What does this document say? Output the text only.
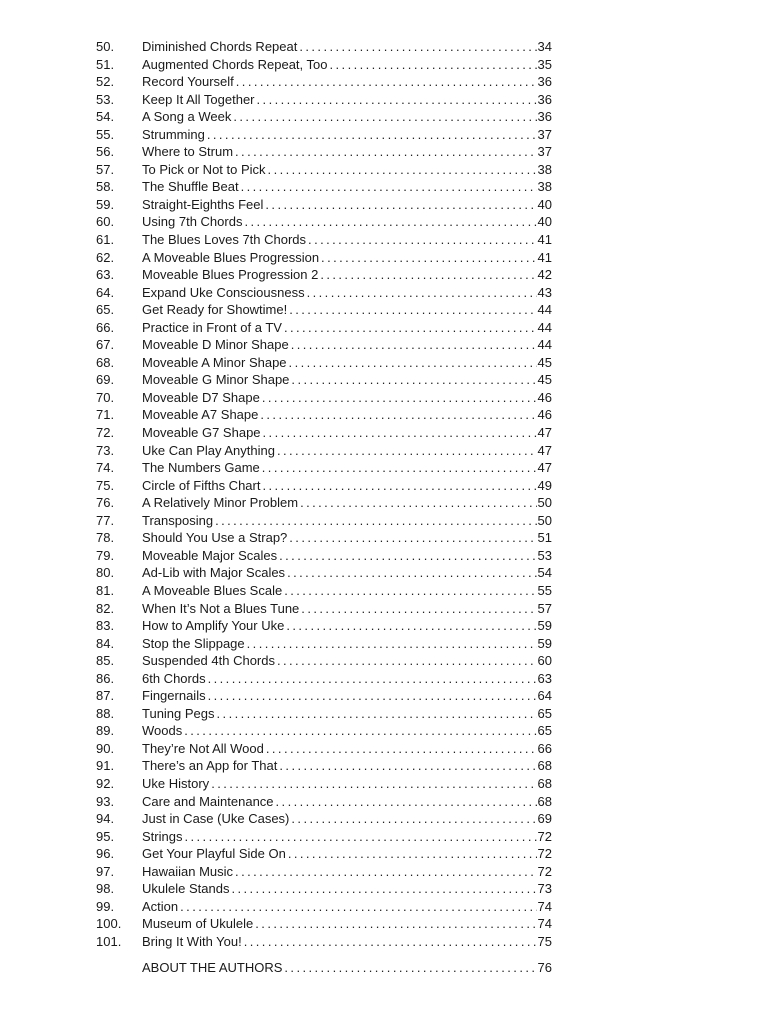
50.	Diminished Chords Repeat . . .	34
51.	Augmented Chords Repeat, Too . . .	35
52.	Record Yourself . . .	36
53.	Keep It All Together . . .	36
54.	A Song a Week . . .	36
55.	Strumming . . .	37
56.	Where to Strum . . .	37
57.	To Pick or Not to Pick . . .	38
58.	The Shuffle Beat . . .	38
59.	Straight-Eighths Feel . . .	40
60.	Using 7th Chords . . .	40
61.	The Blues Loves 7th Chords . . .	41
62.	A Moveable Blues Progression . . .	41
63.	Moveable Blues Progression 2 . . .	42
64.	Expand Uke Consciousness . . .	43
65.	Get Ready for Showtime! . . .	44
66.	Practice in Front of a TV . . .	44
67.	Moveable D Minor Shape . . .	44
68.	Moveable A Minor Shape . . .	45
69.	Moveable G Minor Shape . . .	45
70.	Moveable D7 Shape . . .	46
71.	Moveable A7 Shape . . .	46
72.	Moveable G7 Shape . . .	47
73.	Uke Can Play Anything . . .	47
74.	The Numbers Game . . .	47
75.	Circle of Fifths Chart . . .	49
76.	A Relatively Minor Problem . . .	50
77.	Transposing . . .	50
78.	Should You Use a Strap? . . .	51
79.	Moveable Major Scales . . .	53
80.	Ad-Lib with Major Scales . . .	54
81.	A Moveable Blues Scale . . .	55
82.	When It’s Not a Blues Tune . . .	57
83.	How to Amplify Your Uke . . .	59
84.	Stop the Slippage . . .	59
85.	Suspended 4th Chords . . .	60
86.	6th Chords . . .	63
87.	Fingernails . . .	64
88.	Tuning Pegs . . .	65
89.	Woods . . .	65
90.	They’re Not All Wood . . .	66
91.	There’s an App for That . . .	68
92.	Uke History . . .	68
93.	Care and Maintenance . . .	68
94.	Just in Case (Uke Cases) . . .	69
95.	Strings . . .	72
96.	Get Your Playful Side On . . .	72
97.	Hawaiian Music . . .	72
98.	Ukulele Stands . . .	73
99.	Action . . .	74
100.	Museum of Ukulele . . .	74
101.	Bring It With You! . . .	75
ABOUT THE AUTHORS . . .	76
